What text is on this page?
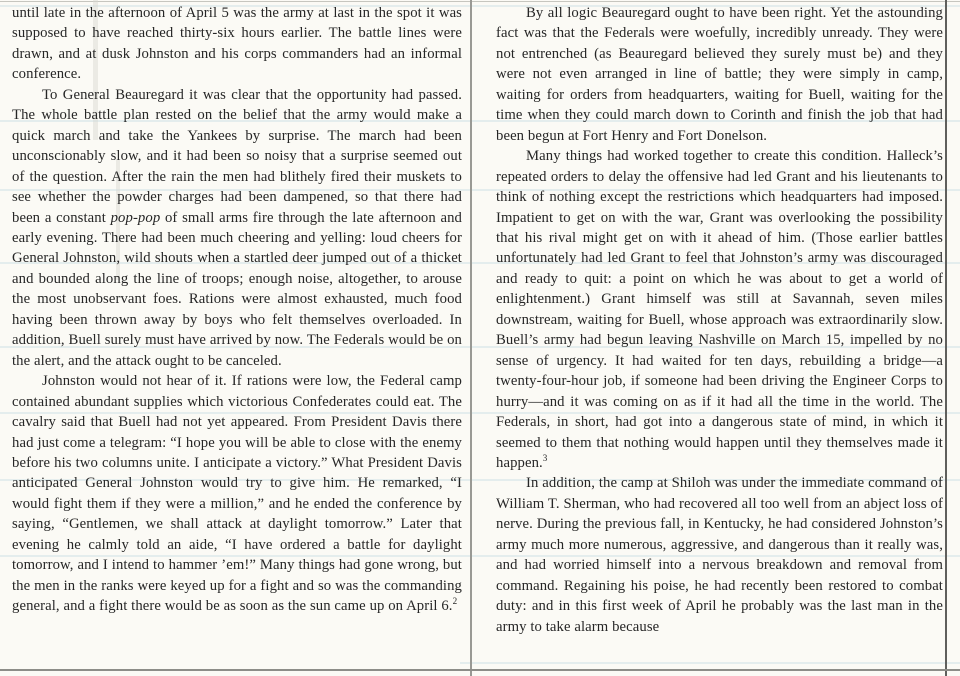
until late in the afternoon of April 5 was the army at last in the spot it was supposed to have reached thirty-six hours earlier. The battle lines were drawn, and at dusk Johnston and his corps commanders had an informal conference.

To General Beauregard it was clear that the opportunity had passed. The whole battle plan rested on the belief that the army would make a quick march and take the Yankees by surprise. The march had been unconscionably slow, and it had been so noisy that a surprise seemed out of the question. After the rain the men had blithely fired their muskets to see whether the powder charges had been dampened, so that there had been a constant pop-pop of small arms fire through the late afternoon and early evening. There had been much cheering and yelling: loud cheers for General Johnston, wild shouts when a startled deer jumped out of a thicket and bounded along the line of troops; enough noise, altogether, to arouse the most unobservant foes. Rations were almost exhausted, much food having been thrown away by boys who felt themselves overloaded. In addition, Buell surely must have arrived by now. The Federals would be on the alert, and the attack ought to be canceled.

Johnston would not hear of it. If rations were low, the Federal camp contained abundant supplies which victorious Confederates could eat. The cavalry said that Buell had not yet appeared. From President Davis there had just come a telegram: “I hope you will be able to close with the enemy before his two columns unite. I anticipate a victory.” What President Davis anticipated General Johnston would try to give him. He remarked, “I would fight them if they were a million,” and he ended the conference by saying, “Gentlemen, we shall attack at daylight tomorrow.” Later that evening he calmly told an aide, “I have ordered a battle for daylight tomorrow, and I intend to hammer ’em!” Many things had gone wrong, but the men in the ranks were keyed up for a fight and so was the commanding general, and a fight there would be as soon as the sun came up on April 6.$^2$

By all logic Beauregard ought to have been right. Yet the astounding fact was that the Federals were woefully, incredibly unready. They were not entrenched (as Beauregard believed they surely must be) and they were not even arranged in line of battle; they were simply in camp, waiting for orders from headquarters, waiting for Buell, waiting for the time when they could march down to Corinth and finish the job that had been begun at Fort Henry and Fort Donelson.

Many things had worked together to create this condition. Halleck’s repeated orders to delay the offensive had led Grant and his lieutenants to think of nothing except the restrictions which headquarters had imposed. Impatient to get on with the war, Grant was overlooking the possibility that his rival might get on with it ahead of him. (Those earlier battles unfortunately had led Grant to feel that Johnston’s army was discouraged and ready to quit: a point on which he was about to get a world of enlightenment.) Grant himself was still at Savannah, seven miles downstream, waiting for Buell, whose approach was extraordinarily slow. Buell’s army had begun leaving Nashville on March 15, impelled by no sense of urgency. It had waited for ten days, rebuilding a bridge—a twenty-four-hour job, if someone had been driving the Engineer Corps to hurry—and it was coming on as if it had all the time in the world. The Federals, in short, had got into a dangerous state of mind, in which it seemed to them that nothing would happen until they themselves made it happen.$^3$

In addition, the camp at Shiloh was under the immediate command of William T. Sherman, who had recovered all too well from an abject loss of nerve. During the previous fall, in Kentucky, he had considered Johnston’s army much more numerous, aggressive, and dangerous than it really was, and had worried himself into a nervous breakdown and removal from command. Regaining his poise, he had recently been restored to combat duty: and in this first week of April he probably was the last man in the army to take alarm because
